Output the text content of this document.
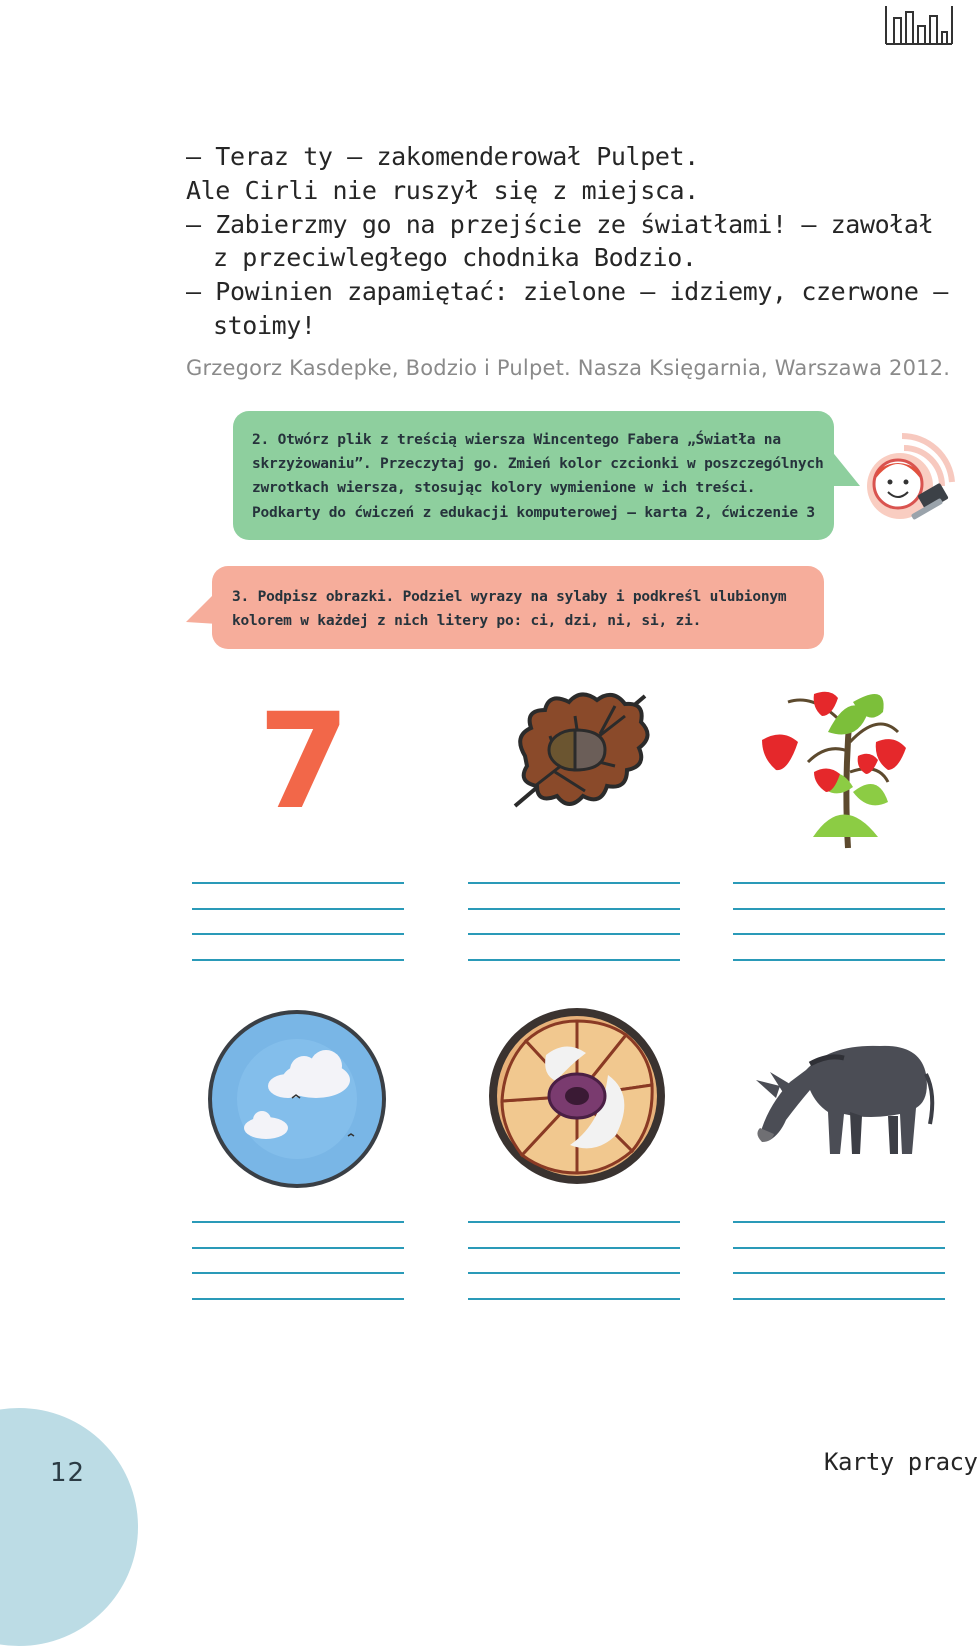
– Teraz ty – zakomenderował Pulpet.
Ale Cirli nie ruszył się z miejsca.
– Zabierzmy go na przejście ze światłami! – zawołał
z przeciwległego chodnika Bodzio.
– Powinien zapamiętać: zielone – idziemy, czerwone –
stoimy!
Grzegorz Kasdepke, Bodzio i Pulpet. Nasza Księgarnia, Warszawa 2012.
2. Otwórz plik z treścią wiersza Wincentego Fabera „Światła na
skrzyżowaniu”. Przeczytaj go. Zmień kolor czcionki w poszczególnych
zwrotkach wiersza, stosując kolory wymienione w ich treści.
Podkarty do ćwiczeń z edukacji komputerowej – karta 2, ćwiczenie 3
3. Podpisz obrazki. Podziel wyrazy na sylaby i podkreśl ulubionym
kolorem w każdej z nich litery po: ci, dzi, ni, si, zi.
7
12	Karty pracy
